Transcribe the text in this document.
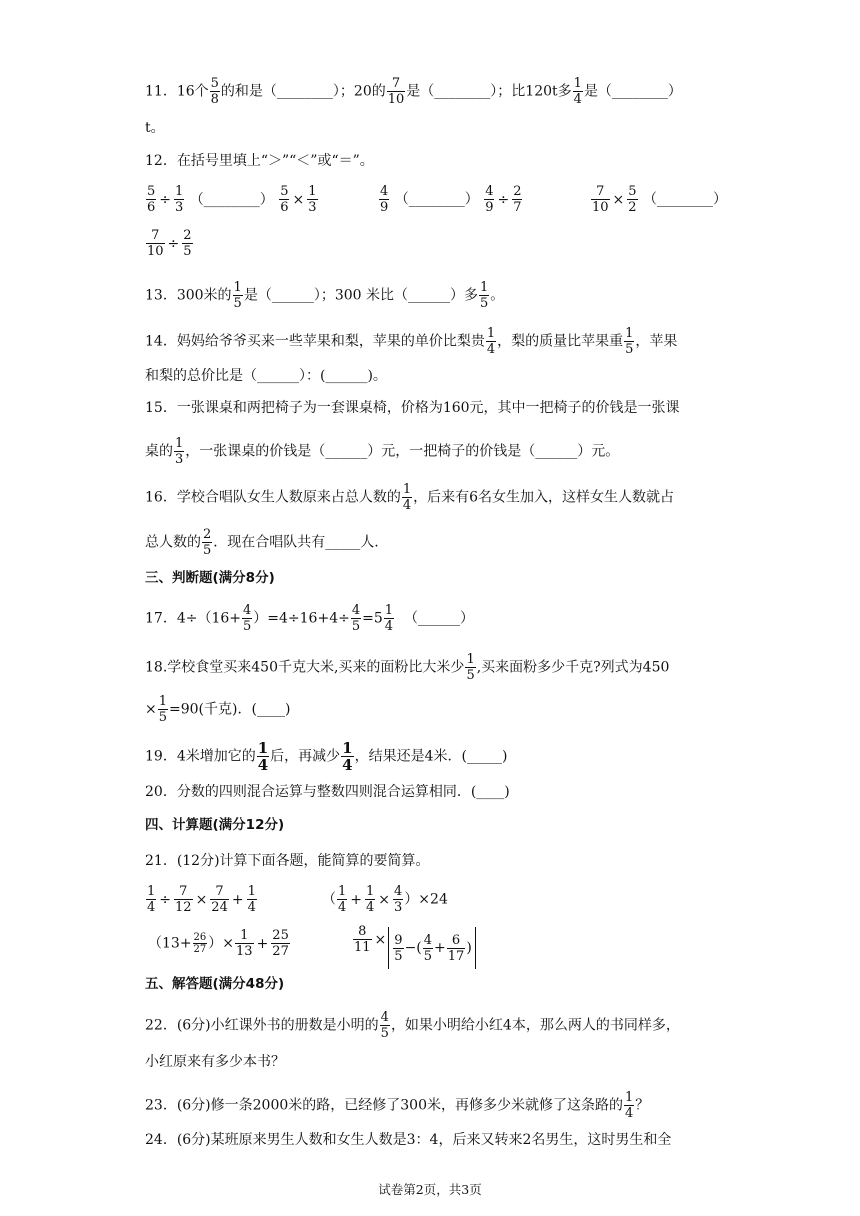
11．16个 $\frac{5}{8}$ 的和是（________）；20的 $\frac{7}{10}$ 是（________）；比120t多 $\frac{1}{4}$ 是（________）
t。
12．在括号里填上“＞”“＜”或“＝”。
$\frac{5}{6} \div \frac{1}{3}$ （________） $\frac{5}{6} \times \frac{1}{3}$	$\frac{4}{9}$ （________） $\frac{4}{9} \div \frac{2}{7}$	$\frac{7}{10} \times \frac{5}{2}$ （________）
$\frac{7}{10} \div \frac{2}{5}$
13．300米的 $\frac{1}{5}$ 是（______）；300 米比（______）多 $\frac{1}{5}$ 。
14．妈妈给爷爷买来一些苹果和梨，苹果的单价比梨贵 $\frac{1}{4}$ ，梨的质量比苹果重 $\frac{1}{5}$ ，苹果
和梨的总价比是（______）：(______)。
15．一张课桌和两把椅子为一套课桌椅，价格为160元，其中一把椅子的价钱是一张课
桌的 $\frac{1}{3}$ ，一张课桌的价钱是（______）元，一把椅子的价钱是（______）元。
16．学校合唱队女生人数原来占总人数的 $\frac{1}{4}$ ，后来有6名女生加入，这样女生人数就占
总人数的 $\frac{2}{5}$ ．现在合唱队共有_____人.
三、判断题(满分8分)
17．$4\div(16+ \frac{4}{5} )=4\div 16+4\div \frac{4}{5} =5 \frac{1}{4}$ （______）
18.学校食堂买来450千克大米,买来的面粉比大米少 $\frac{1}{5}$ ,买来面粉多少千克?列式为450
× $\frac{1}{5} =90$(千克)．(____)
19．4米增加它的 $\frac{1}{4}$ 后，再减少 $\frac{1}{4}$ ，结果还是4米．(_____)
20．分数的四则混合运算与整数四则混合运算相同．(____)
四、计算题(满分12分)
21．(12分)计算下面各题，能简算的要简算。
$\frac{1}{4} \div \frac{7}{12} \times \frac{7}{24} + \frac{1}{4}$	（ $\frac{1}{4} + \frac{1}{4} \times \frac{4}{3} )\times 24$
（$13+ \frac{26}{27}$ ）× $\frac{1}{13} + \frac{25}{27}$	$\frac{8}{11} \times \frac{9}{5}$ −( $\frac{4}{5} + \frac{6}{17}$ )
五、解答题(满分48分)
22．(6分)小红课外书的册数是小明的 $\frac{4}{5}$ ，如果小明给小红4本，那么两人的书同样多，
小红原来有多少本书？
23．(6分)修一条2000米的路，已经修了300米，再修多少米就修了这条路的 $\frac{1}{4}$ ？
24．(6分)某班原来男生人数和女生人数是3：4，后来又转来2名男生，这时男生和全
试卷第2页，共3页
